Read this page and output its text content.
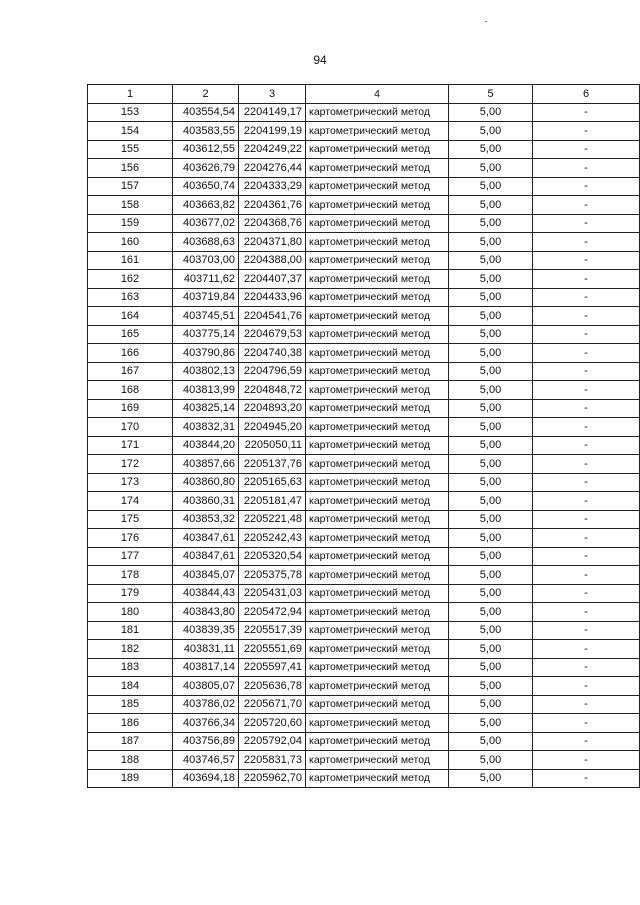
94
1	2	3	4	5	6
153	403554,54	2204149,17	картометрический метод	5,00	-
154	403583,55	2204199,19	картометрический метод	5,00	-
155	403612,55	2204249,22	картометрический метод	5,00	-
156	403626,79	2204276,44	картометрический метод	5,00	-
157	403650,74	2204333,29	картометрический метод	5,00	-
158	403663,82	2204361,76	картометрический метод	5,00	-
159	403677,02	2204368,76	картометрический метод	5,00	-
160	403688,63	2204371,80	картометрический метод	5,00	-
161	403703,00	2204388,00	картометрический метод	5,00	-
162	403711,62	2204407,37	картометрический метод	5,00	-
163	403719,84	2204433,96	картометрический метод	5,00	-
164	403745,51	2204541,76	картометрический метод	5,00	-
165	403775,14	2204679,53	картометрический метод	5,00	-
166	403790,86	2204740,38	картометрический метод	5,00	-
167	403802,13	2204796,59	картометрический метод	5,00	-
168	403813,99	2204848,72	картометрический метод	5,00	-
169	403825,14	2204893,20	картометрический метод	5,00	-
170	403832,31	2204945,20	картометрический метод	5,00	-
171	403844,20	2205050,11	картометрический метод	5,00	-
172	403857,66	2205137,76	картометрический метод	5,00	-
173	403860,80	2205165,63	картометрический метод	5,00	-
174	403860,31	2205181,47	картометрический метод	5,00	-
175	403853,32	2205221,48	картометрический метод	5,00	-
176	403847,61	2205242,43	картометрический метод	5,00	-
177	403847,61	2205320,54	картометрический метод	5,00	-
178	403845,07	2205375,78	картометрический метод	5,00	-
179	403844,43	2205431,03	картометрический метод	5,00	-
180	403843,80	2205472,94	картометрический метод	5,00	-
181	403839,35	2205517,39	картометрический метод	5,00	-
182	403831,11	2205551,69	картометрический метод	5,00	-
183	403817,14	2205597,41	картометрический метод	5,00	-
184	403805,07	2205636,78	картометрический метод	5,00	-
185	403786,02	2205671,70	картометрический метод	5,00	-
186	403766,34	2205720,60	картометрический метод	5,00	-
187	403756,89	2205792,04	картометрический метод	5,00	-
188	403746,57	2205831,73	картометрический метод	5,00	-
189	403694,18	2205962,70	картометрический метод	5,00	-
